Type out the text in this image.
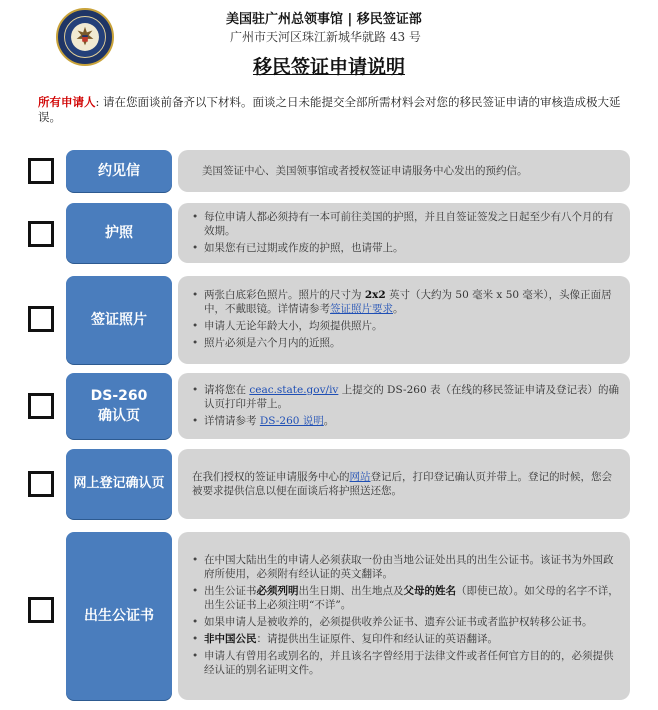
美国驻广州总领事馆 | 移民签证部
广州市天河区珠江新城华就路 43 号
移民签证申请说明
所有申请人: 请在您面谈前备齐以下材料。面谈之日未能提交全部所需材料会对您的移民签证申请的审核造成极大延误。
约见信	美国签证中心、美国领事馆或者授权签证申请服务中心发出的预约信。
护照
• 每位申请人都必须持有一本可前往美国的护照，并且自签证签发之日起至少有八个月的有效期。
• 如果您有已过期或作废的护照，也请带上。
签证照片
• 两张白底彩色照片。照片的尺寸为 2x2 英寸（大约为 50 毫米 x 50 毫米），头像正面居中，不戴眼镜。详情请参考签证照片要求。
• 申请人无论年龄大小，均须提供照片。
• 照片必须是六个月内的近照。
DS-260
确认页
• 请将您在 ceac.state.gov/iv 上提交的 DS-260 表（在线的移民签证申请及登记表）的确认页打印并带上。
• 详情请参考 DS-260 说明。
网上登记确认页	在我们授权的签证申请服务中心的网站登记后，打印登记确认页并带上。登记的时候，您会被要求提供信息以便在面谈后将护照送还您。
出生公证书
• 在中国大陆出生的申请人必须获取一份由当地公证处出具的出生公证书。该证书为外国政府所使用，必须附有经认证的英文翻译。
• 出生公证书必须列明出生日期、出生地点及父母的姓名（即使已故）。如父母的名字不详，出生公证书上必须注明“不详”。
• 如果申请人是被收养的，必须提供收养公证书、遗弃公证书或者监护权转移公证书。
• 非中国公民：请提供出生证原件、复印件和经认证的英语翻译。
• 申请人有曾用名或别名的，并且该名字曾经用于法律文件或者任何官方目的的，必须提供经认证的别名证明文件。
